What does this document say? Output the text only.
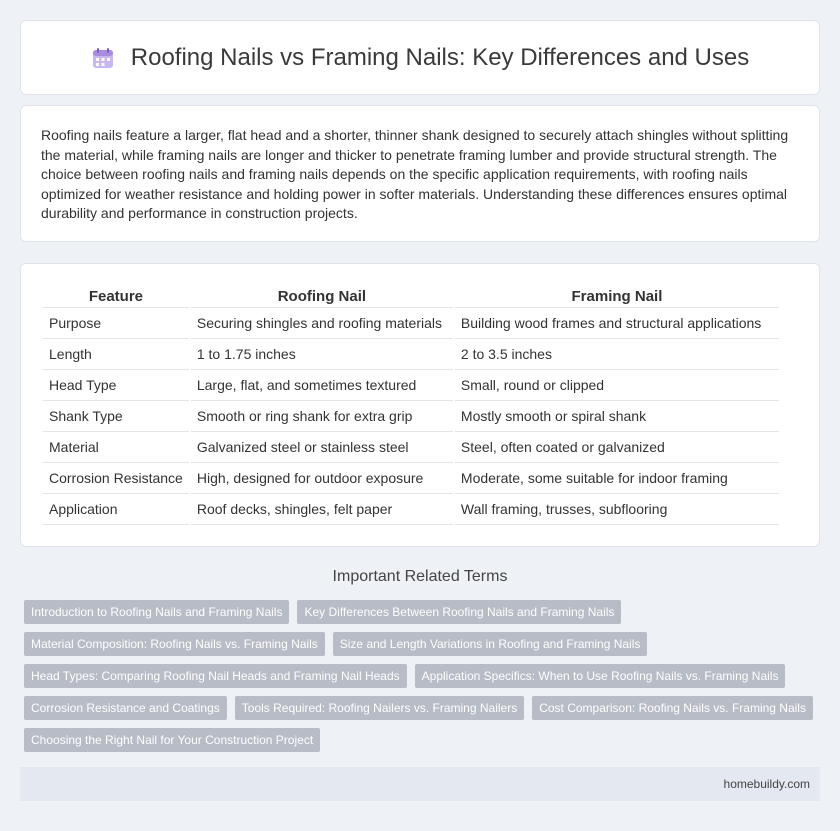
Roofing Nails vs Framing Nails: Key Differences and Uses

Roofing nails feature a larger, flat head and a shorter, thinner shank designed to securely attach shingles without splitting the material, while framing nails are longer and thicker to penetrate framing lumber and provide structural strength. The choice between roofing nails and framing nails depends on the specific application requirements, with roofing nails optimized for weather resistance and holding power in softer materials. Understanding these differences ensures optimal durability and performance in construction projects.

Feature	Roofing Nail	Framing Nail
Purpose	Securing shingles and roofing materials	Building wood frames and structural applications
Length	1 to 1.75 inches	2 to 3.5 inches
Head Type	Large, flat, and sometimes textured	Small, round or clipped
Shank Type	Smooth or ring shank for extra grip	Mostly smooth or spiral shank
Material	Galvanized steel or stainless steel	Steel, often coated or galvanized
Corrosion Resistance	High, designed for outdoor exposure	Moderate, some suitable for indoor framing
Application	Roof decks, shingles, felt paper	Wall framing, trusses, subflooring
Important Related Terms
Introduction to Roofing Nails and Framing Nails	Key Differences Between Roofing Nails and Framing Nails
Material Composition: Roofing Nails vs. Framing Nails	Size and Length Variations in Roofing and Framing Nails
Head Types: Comparing Roofing Nail Heads and Framing Nail Heads	Application Specifics: When to Use Roofing Nails vs. Framing Nails
Corrosion Resistance and Coatings	Tools Required: Roofing Nailers vs. Framing Nailers	Cost Comparison: Roofing Nails vs. Framing Nails
Choosing the Right Nail for Your Construction Project
homebuildy.com
